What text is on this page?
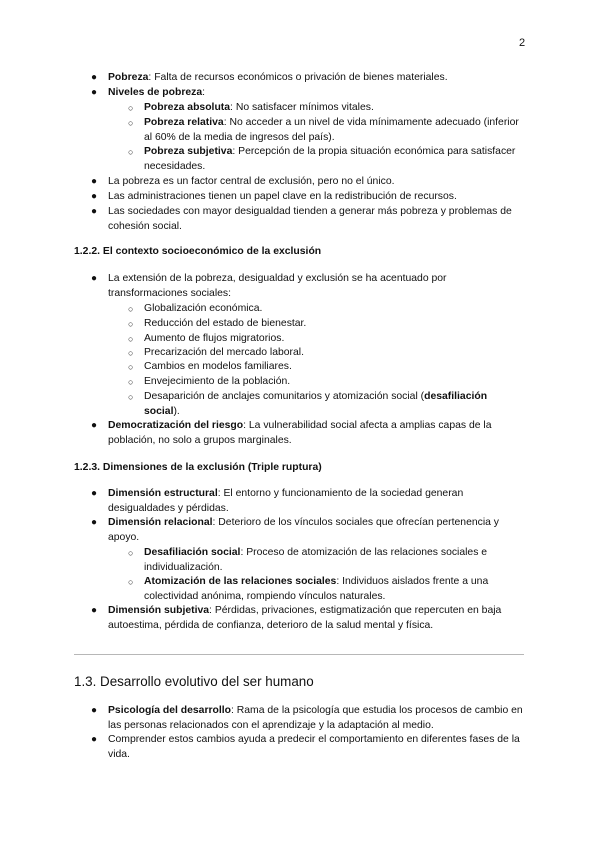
2
● Pobreza: Falta de recursos económicos o privación de bienes materiales.
● Niveles de pobreza:
○ Pobreza absoluta: No satisfacer mínimos vitales.
○ Pobreza relativa: No acceder a un nivel de vida mínimamente adecuado (inferior al 60% de la media de ingresos del país).
○ Pobreza subjetiva: Percepción de la propia situación económica para satisfacer necesidades.
● La pobreza es un factor central de exclusión, pero no el único.
● Las administraciones tienen un papel clave en la redistribución de recursos.
● Las sociedades con mayor desigualdad tienden a generar más pobreza y problemas de cohesión social.
1.2.2. El contexto socioeconómico de la exclusión
● La extensión de la pobreza, desigualdad y exclusión se ha acentuado por transformaciones sociales:
○ Globalización económica.
○ Reducción del estado de bienestar.
○ Aumento de flujos migratorios.
○ Precarización del mercado laboral.
○ Cambios en modelos familiares.
○ Envejecimiento de la población.
○ Desaparición de anclajes comunitarios y atomización social (desafiliación social).
● Democratización del riesgo: La vulnerabilidad social afecta a amplias capas de la población, no solo a grupos marginales.
1.2.3. Dimensiones de la exclusión (Triple ruptura)
● Dimensión estructural: El entorno y funcionamiento de la sociedad generan desigualdades y pérdidas.
● Dimensión relacional: Deterioro de los vínculos sociales que ofrecían pertenencia y apoyo.
○ Desafiliación social: Proceso de atomización de las relaciones sociales e individualización.
○ Atomización de las relaciones sociales: Individuos aislados frente a una colectividad anónima, rompiendo vínculos naturales.
● Dimensión subjetiva: Pérdidas, privaciones, estigmatización que repercuten en baja autoestima, pérdida de confianza, deterioro de la salud mental y física.
1.3. Desarrollo evolutivo del ser humano
● Psicología del desarrollo: Rama de la psicología que estudia los procesos de cambio en las personas relacionados con el aprendizaje y la adaptación al medio.
● Comprender estos cambios ayuda a predecir el comportamiento en diferentes fases de la vida.
